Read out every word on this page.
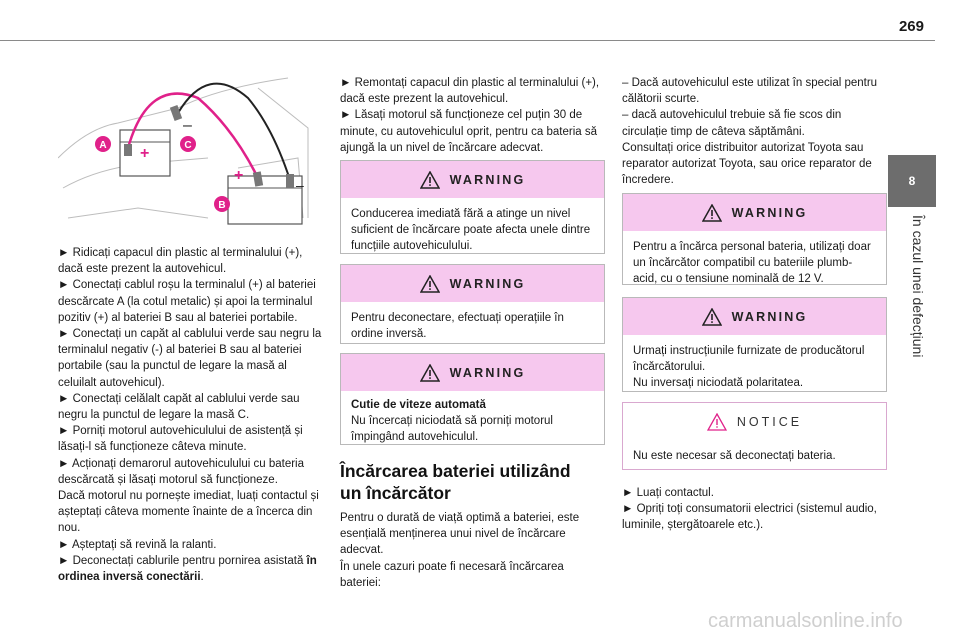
269
8
În cazul unei defecțiuni
+
–
+
–
A	C
B
► Ridicați capacul din plastic al terminalului (+), dacă este prezent la autovehicul.
► Conectați cablul roșu la terminalul (+) al bateriei descărcate A (la cotul metalic) și apoi la terminalul pozitiv (+) al bateriei B sau al bateriei portabile.
► Conectați un capăt al cablului verde sau negru la terminalul negativ (-) al bateriei B sau al bateriei portabile (sau la punctul de legare la masă al celuilalt autovehicul).
► Conectați celălalt capăt al cablului verde sau negru la punctul de legare la masă C.
► Porniți motorul autovehiculului de asistență și lăsați-l să funcționeze câteva minute.
► Acționați demarorul autovehiculului cu bateria descărcată și lăsați motorul să funcționeze.
Dacă motorul nu pornește imediat, luați contactul și așteptați câteva momente înainte de a încerca din nou.
► Așteptați să revină la ralanti.
► Deconectați cablurile pentru pornirea asistată în ordinea inversă conectării.
► Remontați capacul din plastic al terminalului (+), dacă este prezent la autovehicul.
► Lăsați motorul să funcționeze cel puțin 30 de minute, cu autovehiculul oprit, pentru ca bateria să ajungă la un nivel de încărcare adecvat.
WARNING
Conducerea imediată fără a atinge un nivel suficient de încărcare poate afecta unele dintre funcțiile autovehiculului.
WARNING
Pentru deconectare, efectuați operațiile în ordine inversă.
WARNING
Cutie de viteze automată
Nu încercați niciodată să porniți motorul împingând autovehiculul.
Încărcarea bateriei utilizând
un încărcător
Pentru o durată de viață optimă a bateriei, este esențială menținerea unui nivel de încărcare adecvat.
În unele cazuri poate fi necesară încărcarea bateriei:
– Dacă autovehiculul este utilizat în special pentru călătorii scurte.
– dacă autovehiculul trebuie să fie scos din circulație timp de câteva săptămâni.
Consultați orice distribuitor autorizat Toyota sau reparator autorizat Toyota, sau orice reparator de încredere.
WARNING
Pentru a încărca personal bateria, utilizați doar un încărcător compatibil cu bateriile plumb-acid, cu o tensiune nominală de 12 V.
WARNING
Urmați instrucțiunile furnizate de producătorul încărcătorului.
Nu inversați niciodată polaritatea.
NOTICE
Nu este necesar să deconectați bateria.
► Luați contactul.
► Opriți toți consumatorii electrici (sistemul audio, luminile, ștergătoarele etc.).
carmanualsonline.info
